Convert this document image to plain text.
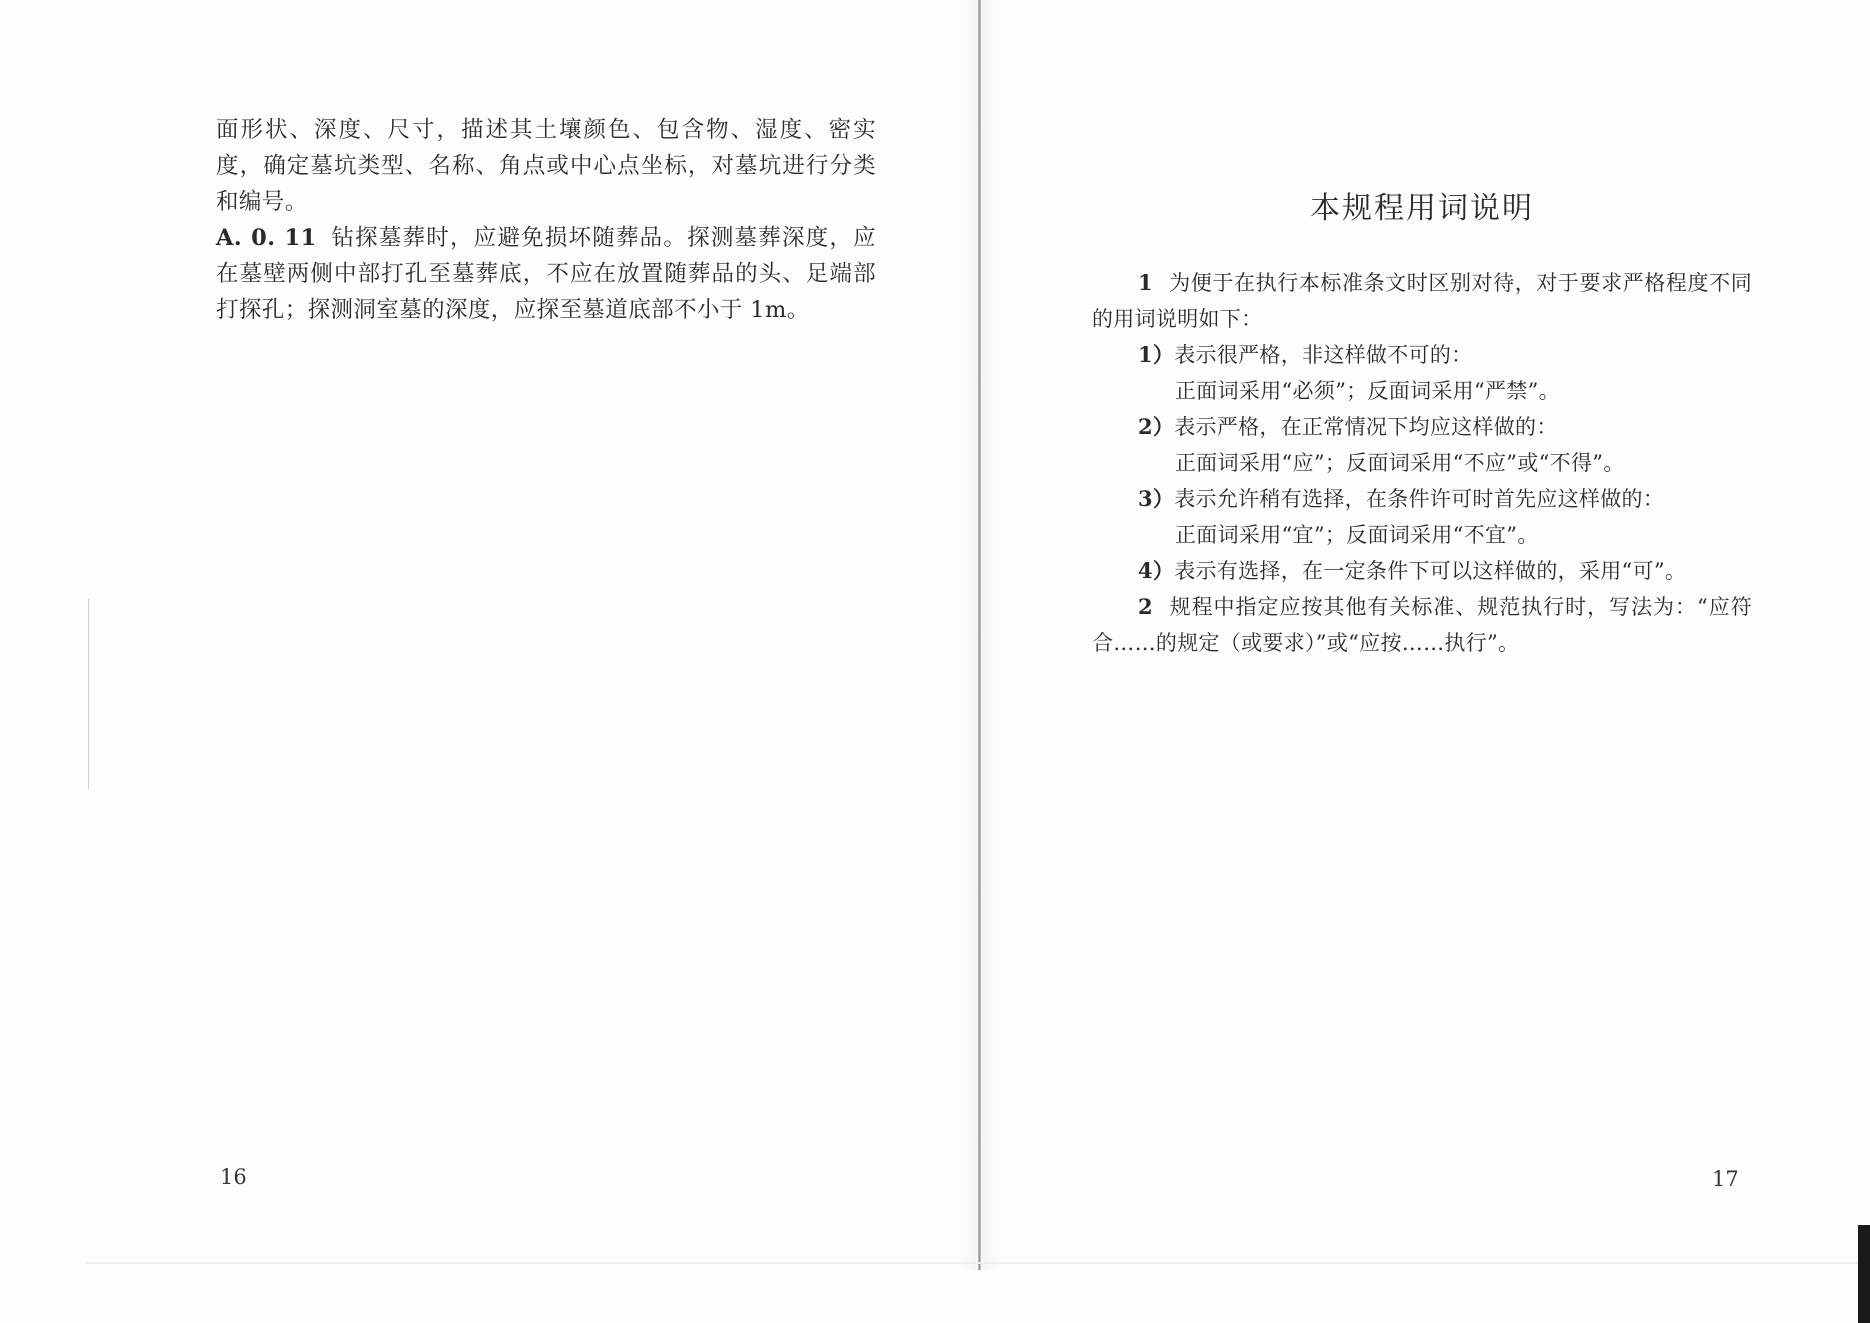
面形状、深度、尺寸，描述其土壤颜色、包含物、湿度、密实度，确定墓坑类型、名称、角点或中心点坐标，对墓坑进行分类和编号。

A. 0. 11 钻探墓葬时，应避免损坏随葬品。探测墓葬深度，应在墓壁两侧中部打孔至墓葬底，不应在放置随葬品的头、足端部打探孔；探测洞室墓的深度，应探至墓道底部不小于 1m。

16
本规程用词说明

1 为便于在执行本标准条文时区别对待，对于要求严格程度不同的用词说明如下：

1）表示很严格，非这样做不可的：

正面词采用“必须”；反面词采用“严禁”。

2）表示严格，在正常情况下均应这样做的：

正面词采用“应”；反面词采用“不应”或“不得”。

3）表示允许稍有选择，在条件许可时首先应这样做的：

正面词采用“宜”；反面词采用“不宜”。

4）表示有选择，在一定条件下可以这样做的，采用“可”。

2 规程中指定应按其他有关标准、规范执行时，写法为：“应符合……的规定（或要求）”或“应按……执行”。

17
